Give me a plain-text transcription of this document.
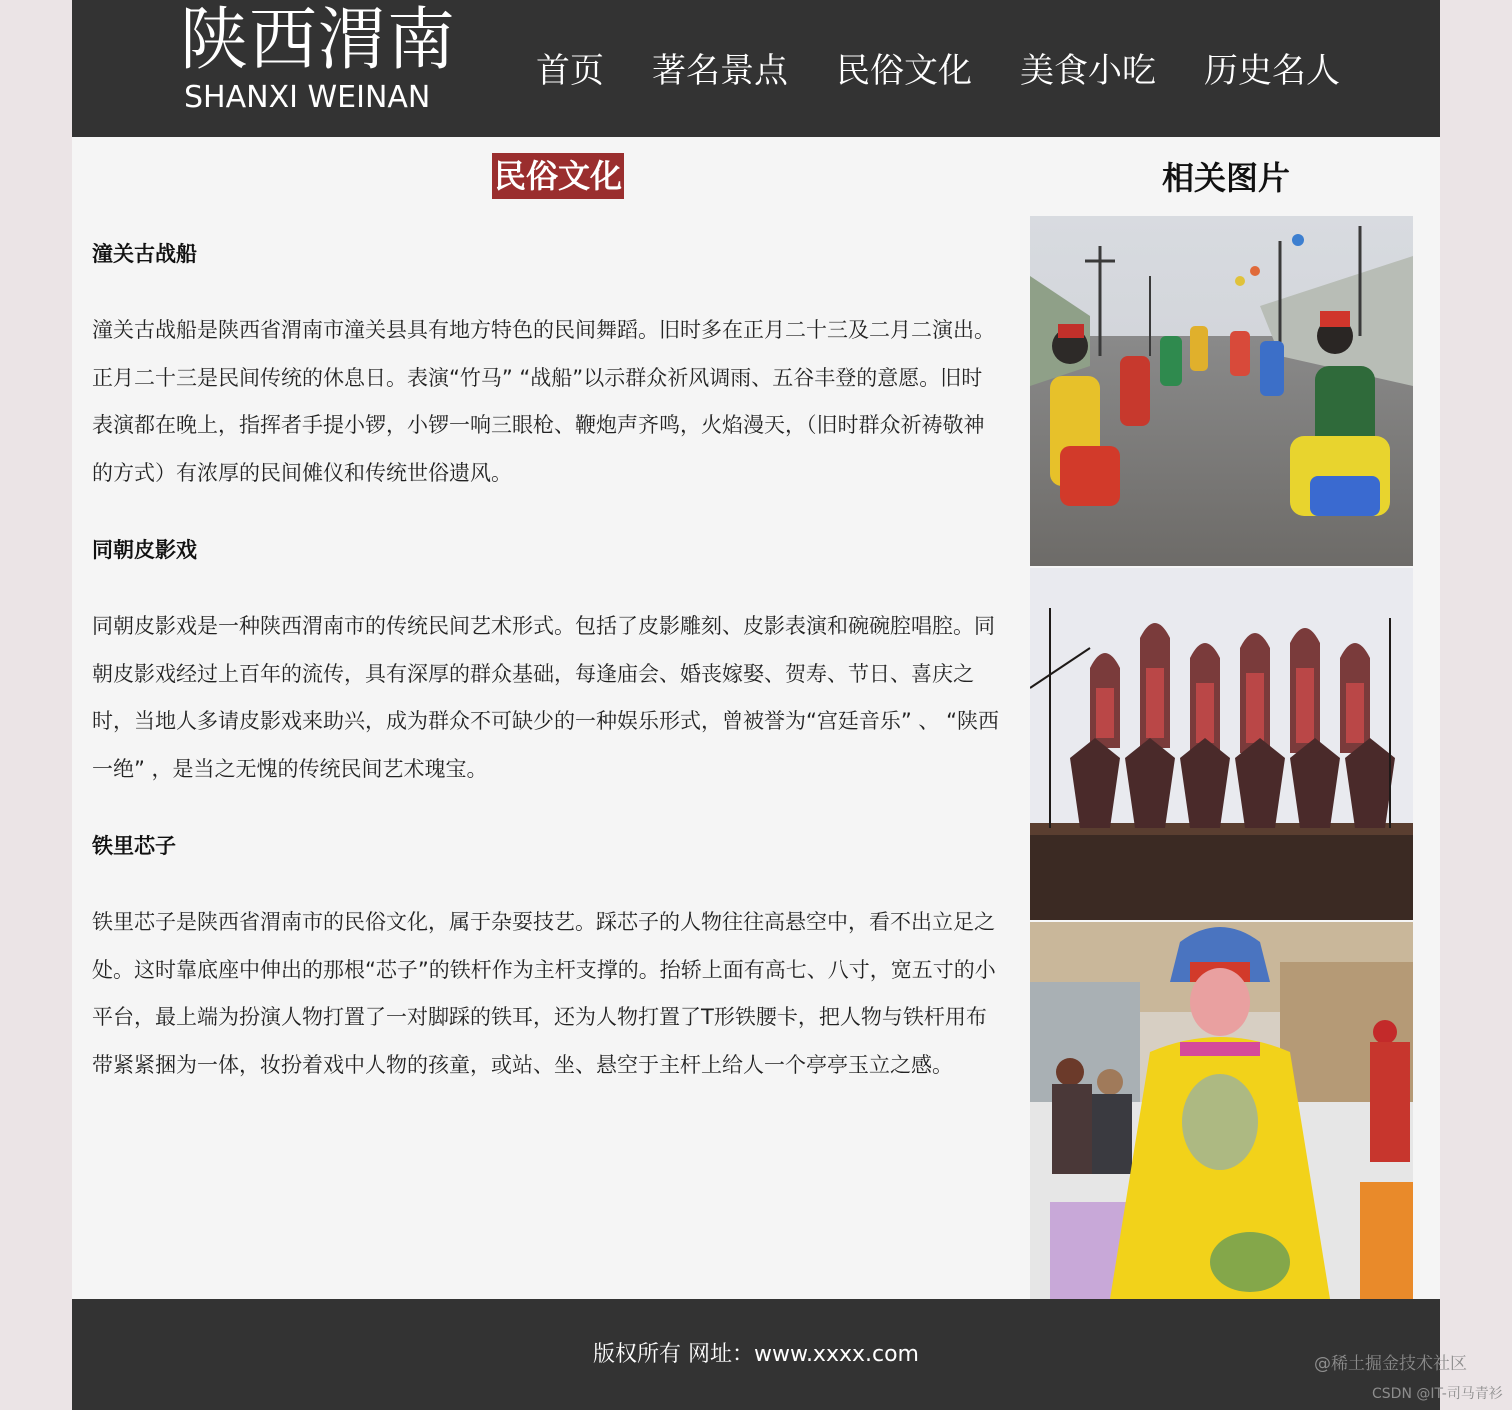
陕西渭南
SHANXI WEINAN
首页 著名景点 民俗文化 美食小吃 历史名人
民俗文化
潼关古战船

潼关古战船是陕西省渭南市潼关县具有地方特色的民间舞蹈。旧时多在正月二十三及二月二演出。正月二十三是民间传统的休息日。表演“竹马” “战船”以示群众祈风调雨、五谷丰登的意愿。旧时表演都在晚上，指挥者手提小锣，小锣一响三眼枪、鞭炮声齐鸣，火焰漫天，（旧时群众祈祷敬神的方式）有浓厚的民间傩仪和传统世俗遗风。

同朝皮影戏

同朝皮影戏是一种陕西渭南市的传统民间艺术形式。包括了皮影雕刻、皮影表演和碗碗腔唱腔。同朝皮影戏经过上百年的流传，具有深厚的群众基础，每逢庙会、婚丧嫁娶、贺寿、节日、喜庆之时，当地人多请皮影戏来助兴，成为群众不可缺少的一种娱乐形式，曾被誉为“宫廷音乐” 、 “陕西一绝” ，是当之无愧的传统民间艺术瑰宝。

铁里芯子

铁里芯子是陕西省渭南市的民俗文化，属于杂耍技艺。踩芯子的人物往往高悬空中，看不出立足之处。这时靠底座中伸出的那根“芯子”的铁杆作为主杆支撑的。抬轿上面有高七、八寸，宽五寸的小平台，最上端为扮演人物打置了一对脚踩的铁耳，还为人物打置了T形铁腰卡，把人物与铁杆用布带紧紧捆为一体，妆扮着戏中人物的孩童，或站、坐、悬空于主杆上给人一个亭亭玉立之感。

相关图片
版权所有 网址：www.xxxx.com	@稀土掘金技术社区
CSDN @IT-司马青衫
